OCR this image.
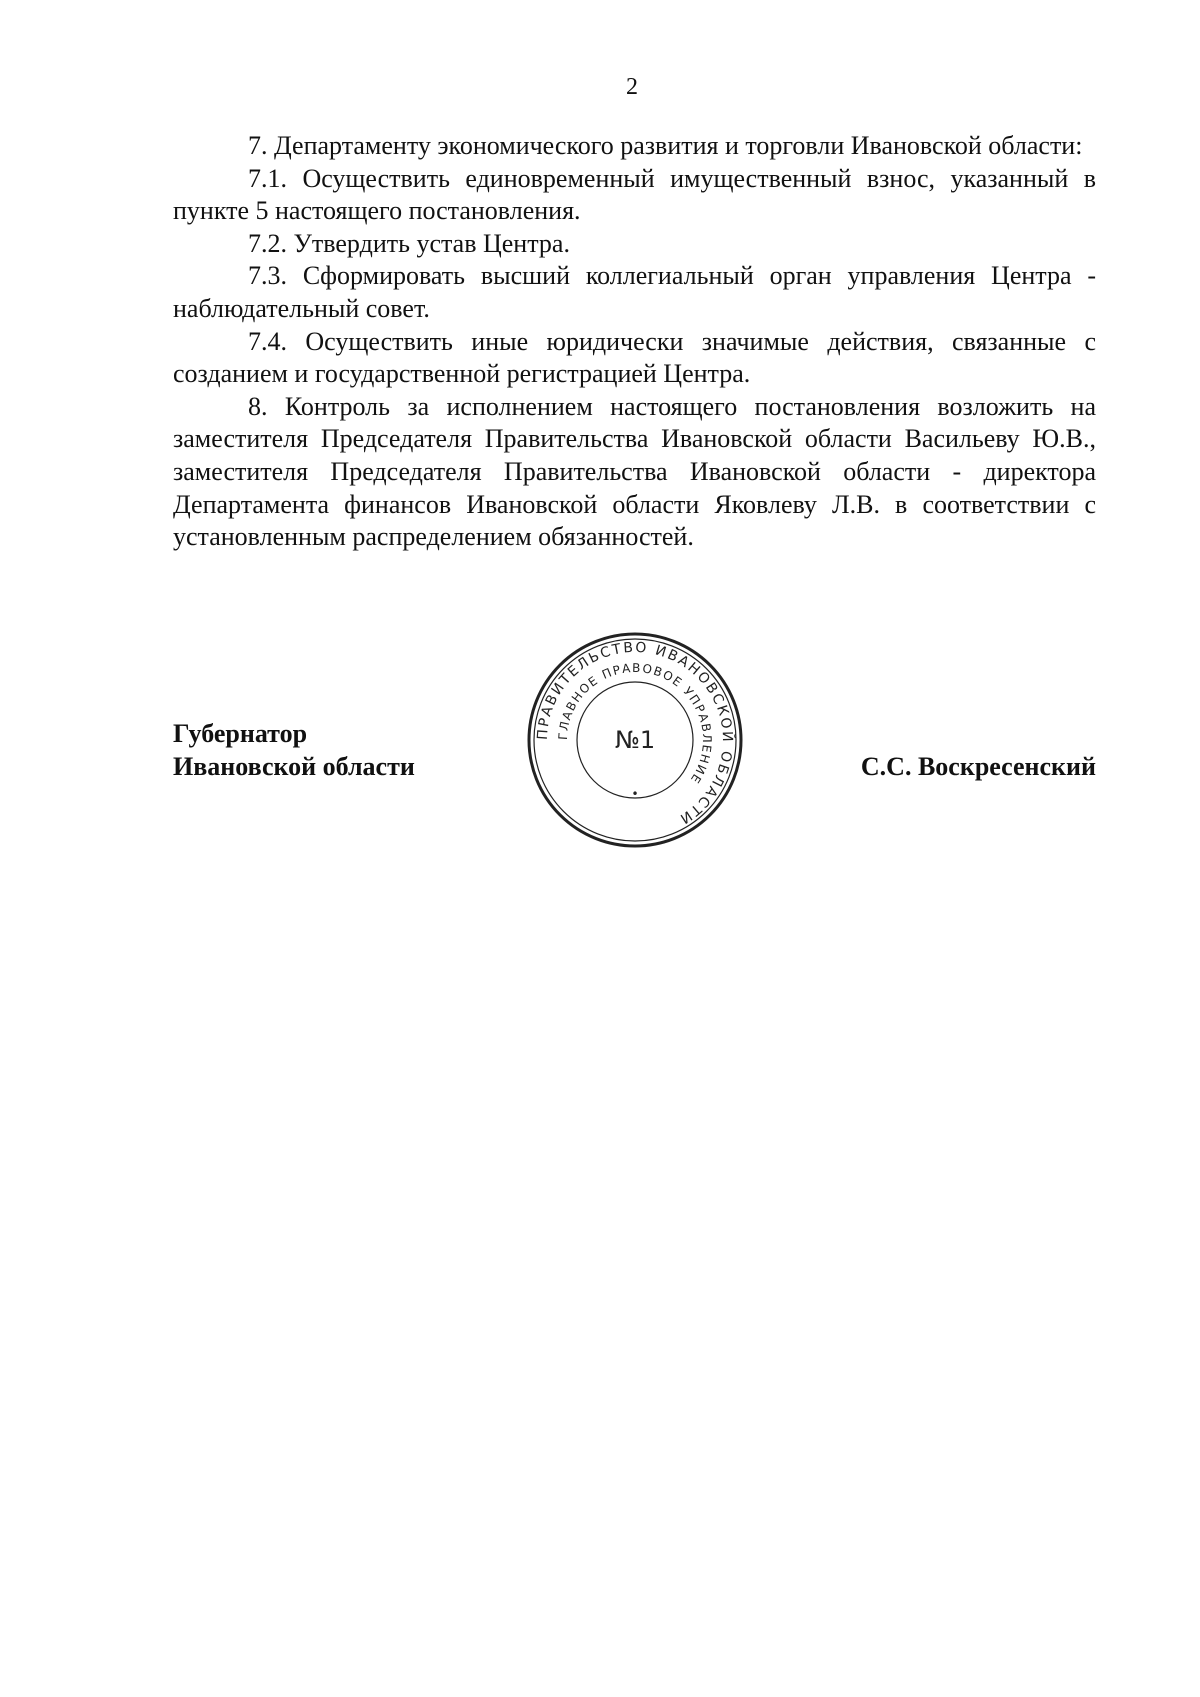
2

7. Департаменту экономического развития и торговли Ивановской области:

7.1. Осуществить единовременный имущественный взнос, указанный в пункте 5 настоящего постановления.

7.2. Утвердить устав Центра.

7.3. Сформировать высший коллегиальный орган управления Центра - наблюдательный совет.

7.4. Осуществить иные юридически значимые действия, связанные с созданием и государственной регистрацией Центра.

8. Контроль за исполнением настоящего постановления возложить на заместителя Председателя Правительства Ивановской области Васильеву Ю.В., заместителя Председателя Правительства Ивановской области - директора Департамента финансов Ивановской области Яковлеву Л.В. в соответствии с установленным распределением обязанностей.

Губернатор
Ивановской области	С.С. Воскресенский
ПРАВИТЕЛЬСТВО ИВАНОВСКОЙ ОБЛАСТИ
ГЛАВНОЕ ПРАВОВОЕ УПРАВЛЕНИЕ
№1
•
